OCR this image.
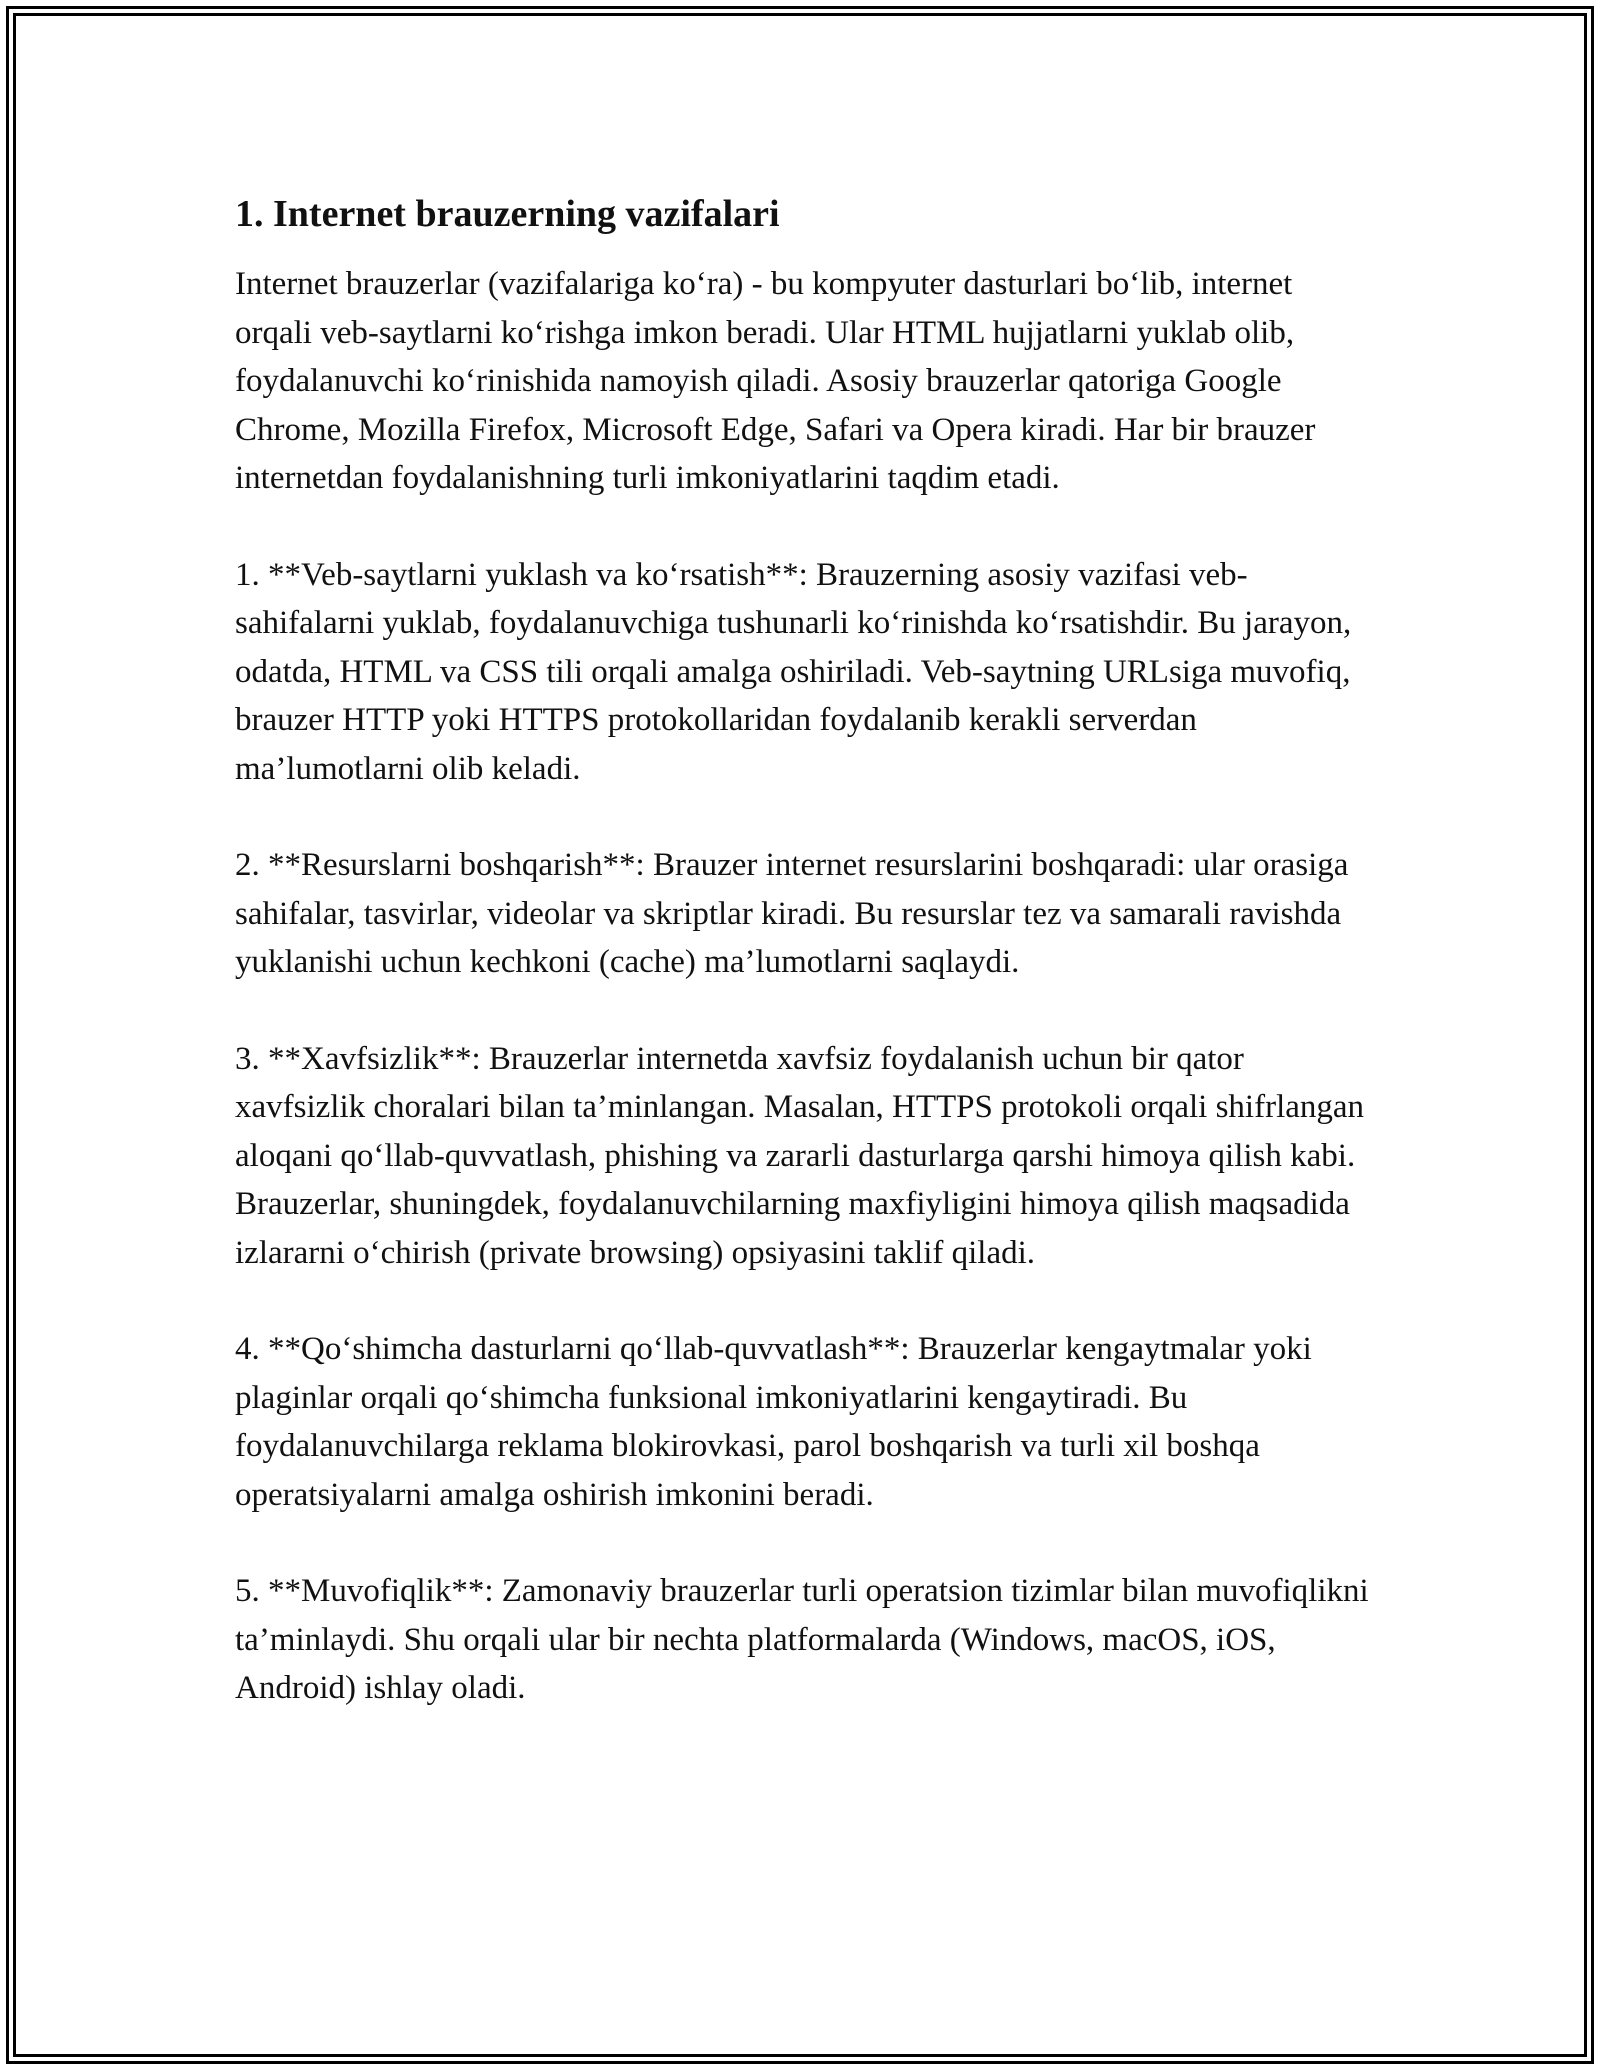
1. Internet brauzerning vazifalari

Internet brauzerlar (vazifalariga ko‘ra) - bu kompyuter dasturlari bo‘lib, internet orqali veb-saytlarni ko‘rishga imkon beradi. Ular HTML hujjatlarni yuklab olib, foydalanuvchi ko‘rinishida namoyish qiladi. Asosiy brauzerlar qatoriga Google Chrome, Mozilla Firefox, Microsoft Edge, Safari va Opera kiradi. Har bir brauzer internetdan foydalanishning turli imkoniyatlarini taqdim etadi.

1. **Veb-saytlarni yuklash va ko‘rsatish**: Brauzerning asosiy vazifasi veb-sahifalarni yuklab, foydalanuvchiga tushunarli ko‘rinishda ko‘rsatishdir. Bu jarayon, odatda, HTML va CSS tili orqali amalga oshiriladi. Veb-saytning URLsiga muvofiq, brauzer HTTP yoki HTTPS protokollaridan foydalanib kerakli serverdan ma’lumotlarni olib keladi.

2. **Resurslarni boshqarish**: Brauzer internet resurslarini boshqaradi: ular orasiga sahifalar, tasvirlar, videolar va skriptlar kiradi. Bu resurslar tez va samarali ravishda yuklanishi uchun kechkoni (cache) ma’lumotlarni saqlaydi.

3. **Xavfsizlik**: Brauzerlar internetda xavfsiz foydalanish uchun bir qator xavfsizlik choralari bilan ta’minlangan. Masalan, HTTPS protokoli orqali shifrlangan aloqani qo‘llab-quvvatlash, phishing va zararli dasturlarga qarshi himoya qilish kabi. Brauzerlar, shuningdek, foydalanuvchilarning maxfiyligini himoya qilish maqsadida izlararni o‘chirish (private browsing) opsiyasini taklif qiladi.

4. **Qo‘shimcha dasturlarni qo‘llab-quvvatlash**: Brauzerlar kengaytmalar yoki plaginlar orqali qo‘shimcha funksional imkoniyatlarini kengaytiradi. Bu foydalanuvchilarga reklama blokirovkasi, parol boshqarish va turli xil boshqa operatsiyalarni amalga oshirish imkonini beradi.

5. **Muvofiqlik**: Zamonaviy brauzerlar turli operatsion tizimlar bilan muvofiqlikni ta’minlaydi. Shu orqali ular bir nechta platformalarda (Windows, macOS, iOS, Android) ishlay oladi.
